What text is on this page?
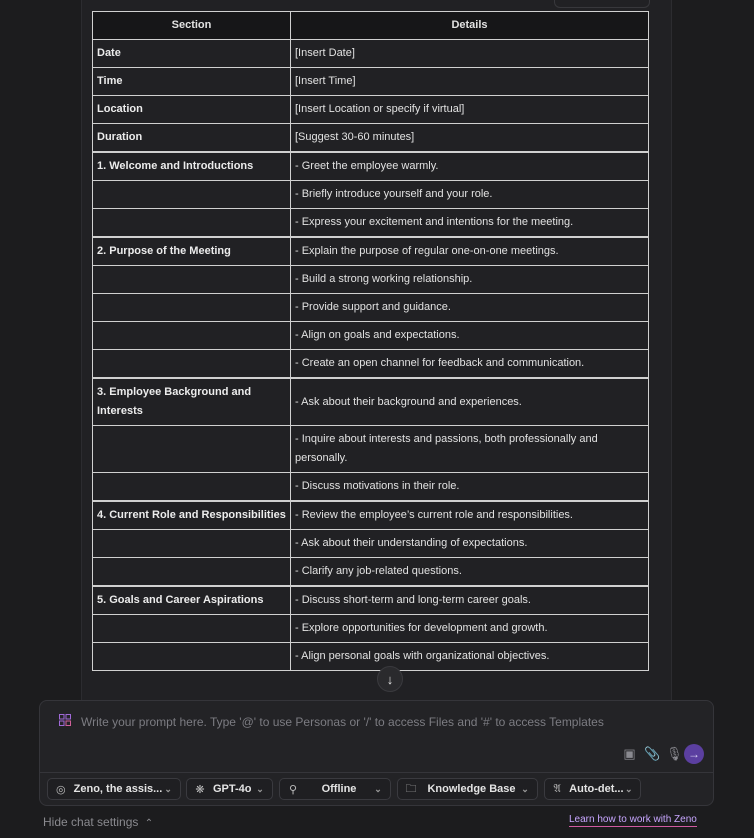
Section	Details
Date	[Insert Date]
Time	[Insert Time]
Location	[Insert Location or specify if virtual]
Duration	[Suggest 30-60 minutes]

1. Welcome and Introductions	- Greet the employee warmly.
	- Briefly introduce yourself and your role.
	- Express your excitement and intentions for the meeting.

2. Purpose of the Meeting	- Explain the purpose of regular one-on-one meetings.
	- Build a strong working relationship.
	- Provide support and guidance.
	- Align on goals and expectations.
	- Create an open channel for feedback and communication.

3. Employee Background and Interests	- Ask about their background and experiences.
	- Inquire about interests and passions, both professionally and personally.
	- Discuss motivations in their role.

4. Current Role and Responsibilities	- Review the employee’s current role and responsibilities.
	- Ask about their understanding of expectations.
	- Clarify any job-related questions.

5. Goals and Career Aspirations	- Discuss short-term and long-term career goals.
	- Explore opportunities for development and growth.
	- Align personal goals with organizational objectives.
↓
Write your prompt here. Type '@' to use Personas or '/' to access Files and '#' to access Templates
▣ 📎 🎙 →
◎ Zeno, the assis... ⌄ ❋ GPT-4o ⌄ ⚲	Offline	⌄ 🗀 Knowledge Base ⌄ 𝔄 Auto-det... ⌄
Hide chat settings ⌃	Learn how to work with Zeno
